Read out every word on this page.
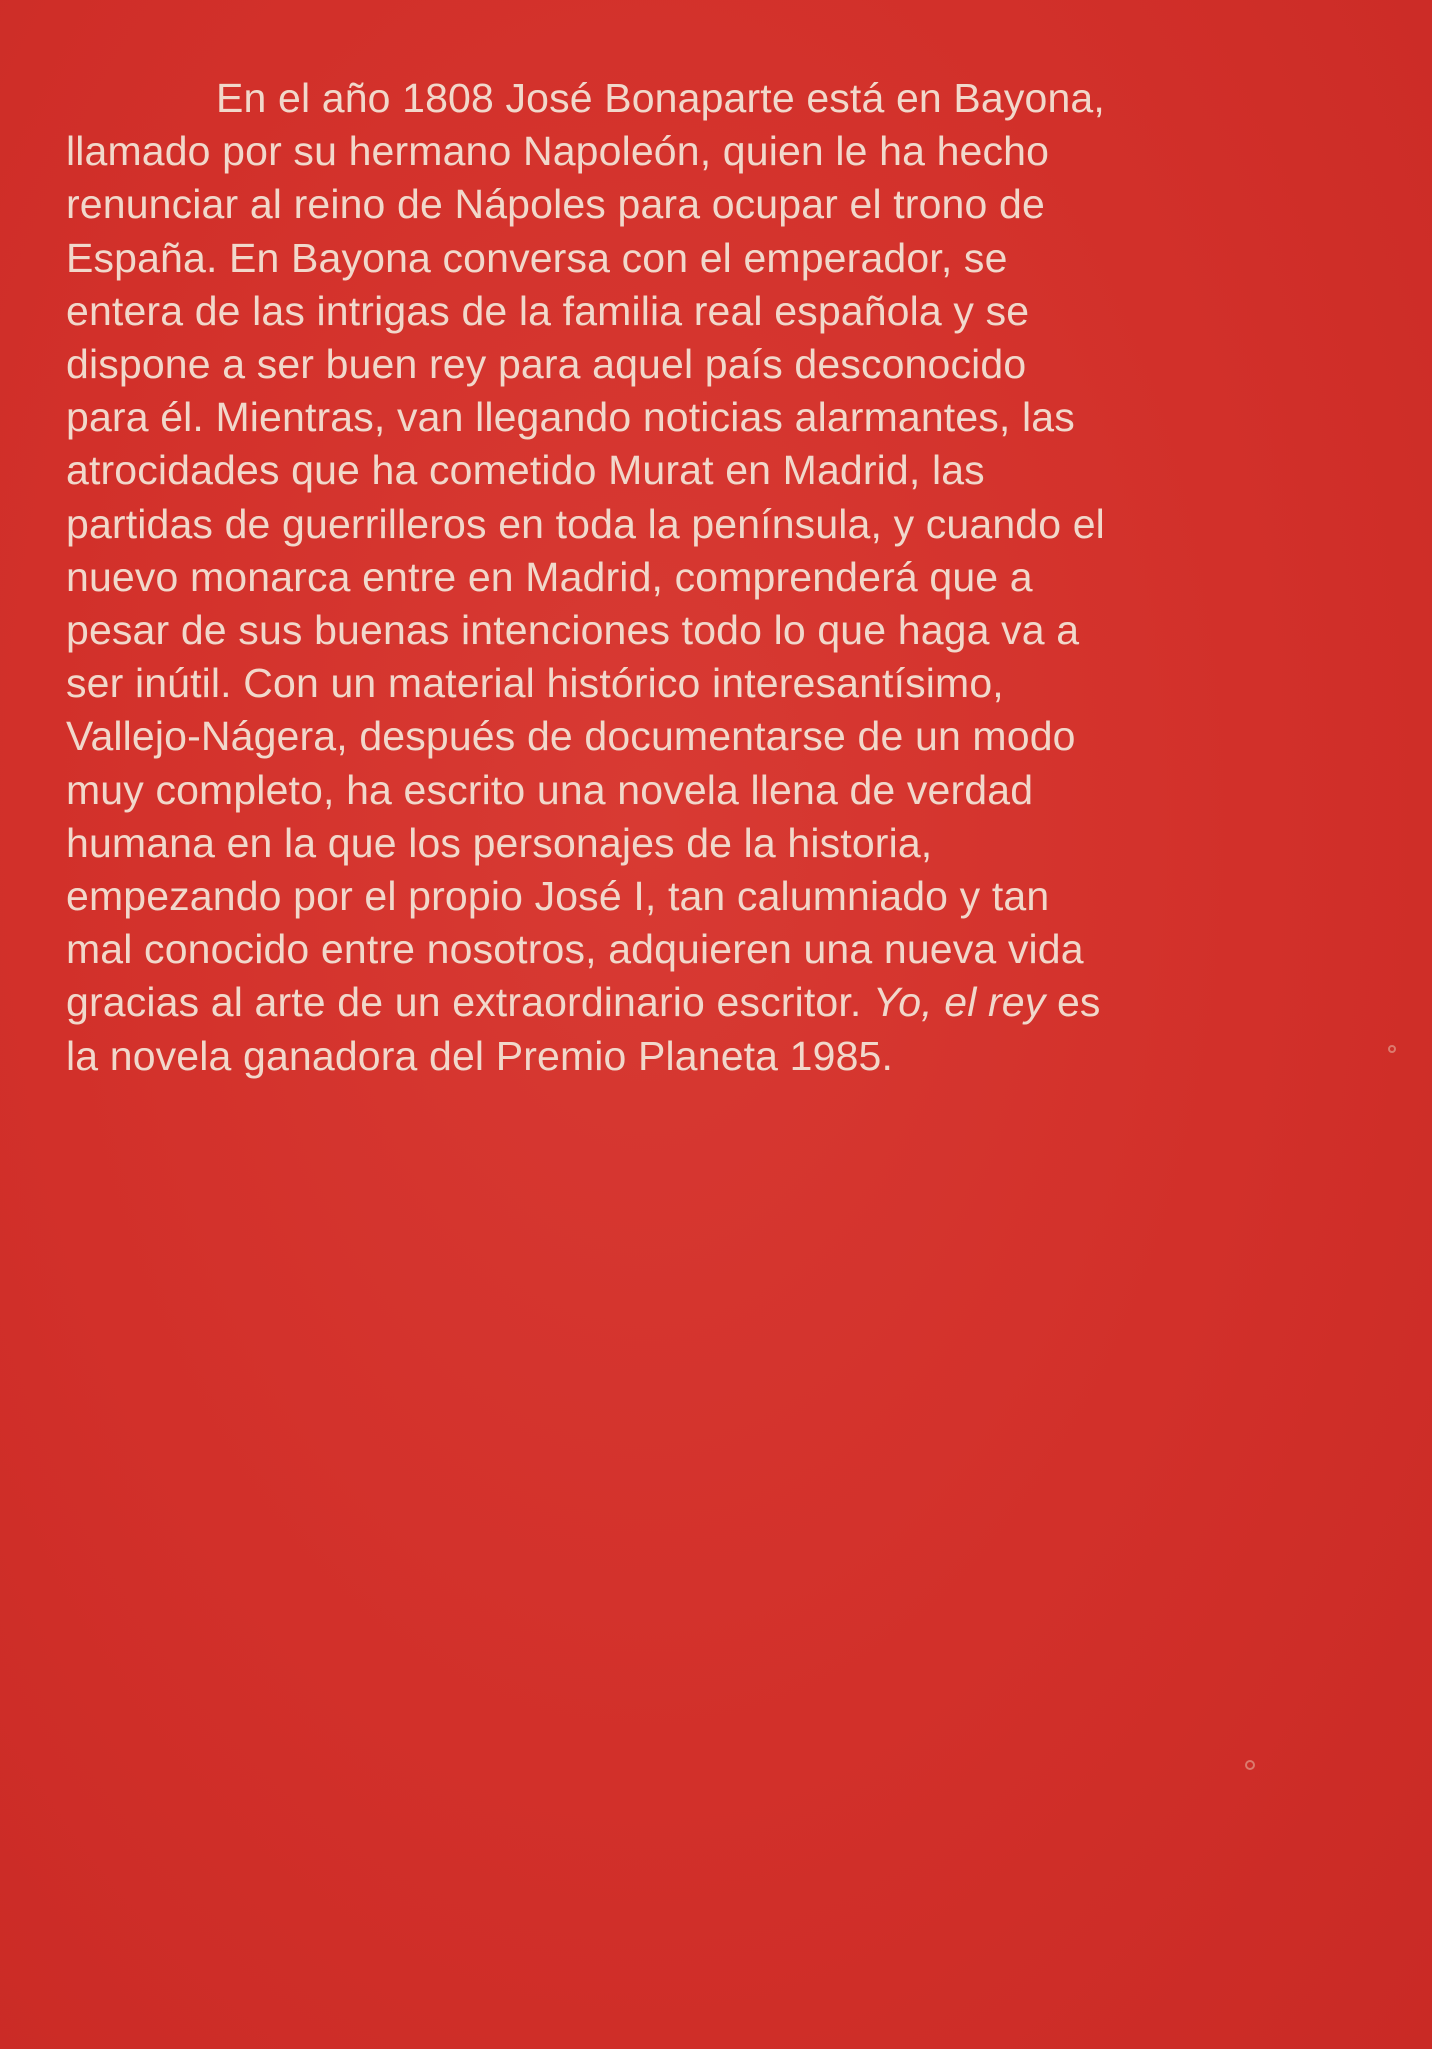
En el año 1808 José Bonaparte está en Bayona,
llamado por su hermano Napoleón, quien le ha hecho
renunciar al reino de Nápoles para ocupar el trono de
España. En Bayona conversa con el emperador, se
entera de las intrigas de la familia real española y se
dispone a ser buen rey para aquel país desconocido
para él. Mientras, van llegando noticias alarmantes, las
atrocidades que ha cometido Murat en Madrid, las
partidas de guerrilleros en toda la península, y cuando el
nuevo monarca entre en Madrid, comprenderá que a
pesar de sus buenas intenciones todo lo que haga va a
ser inútil. Con un material histórico interesantísimo,
Vallejo-Nágera, después de documentarse de un modo
muy completo, ha escrito una novela llena de verdad
humana en la que los personajes de la historia,
empezando por el propio José I, tan calumniado y tan
mal conocido entre nosotros, adquieren una nueva vida
gracias al arte de un extraordinario escritor. Yo, el rey es
la novela ganadora del Premio Planeta 1985.
